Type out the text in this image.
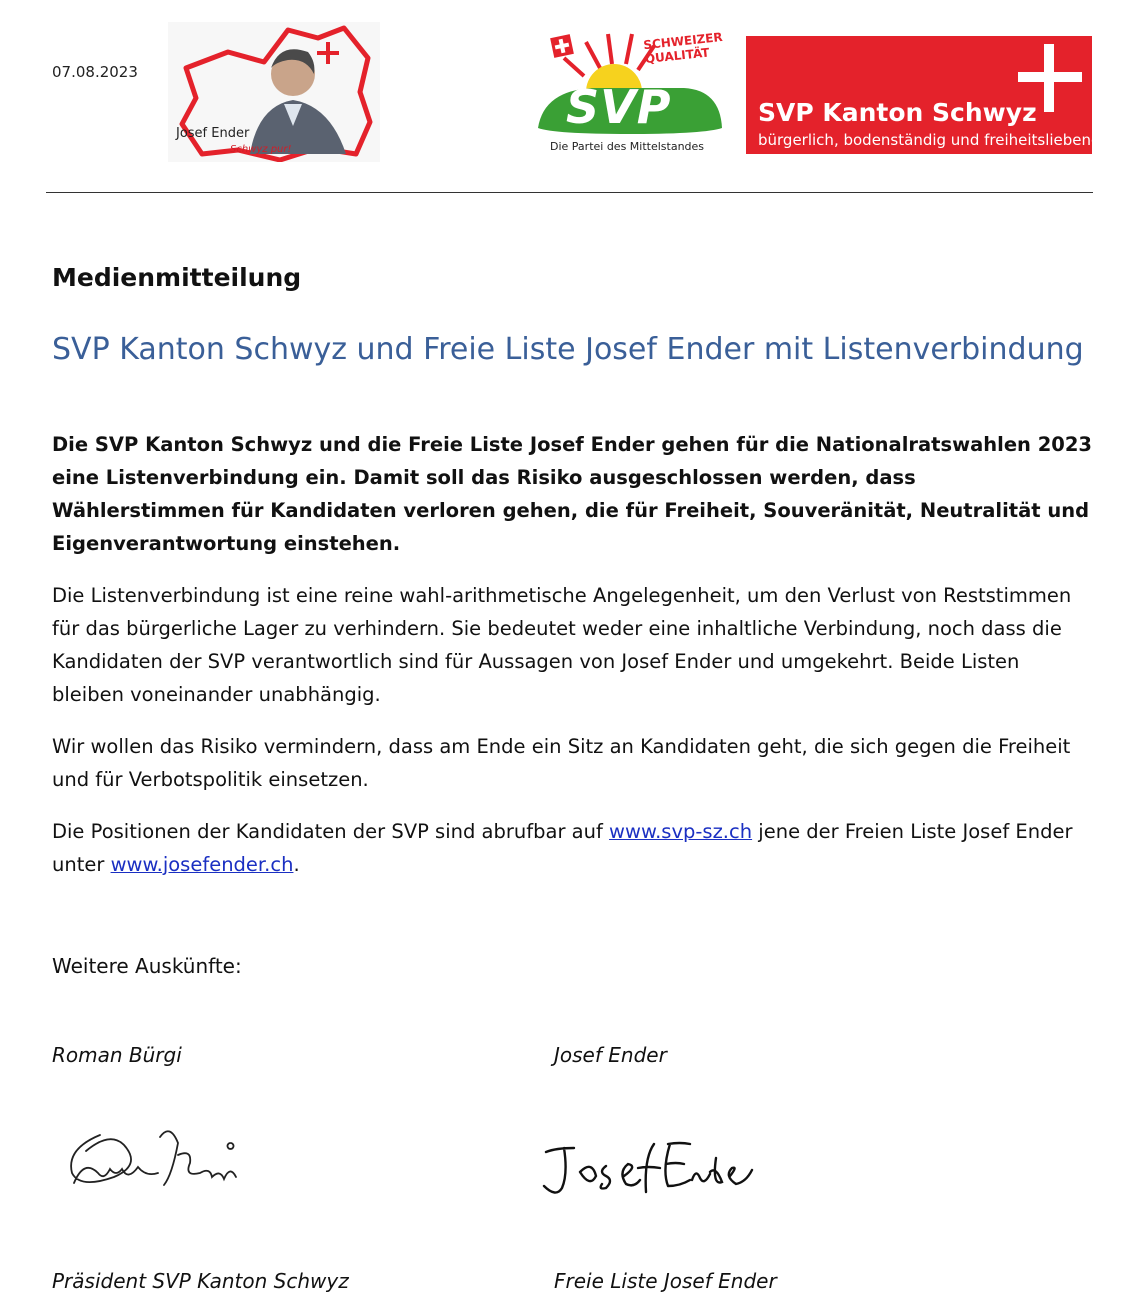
07.08.2023
Josef Ender
Schwyz pur!
SCHWEIZER QUALITÄT
SVP
Die Partei des Mittelstandes
SVP Kanton Schwyz
bürgerlich, bodenständig und freiheitsliebend
Medienmitteilung
SVP Kanton Schwyz und Freie Liste Josef Ender mit Listenverbindung

Die SVP Kanton Schwyz und die Freie Liste Josef Ender gehen für die Nationalratswahlen 2023 eine Listenverbindung ein. Damit soll das Risiko ausgeschlossen werden, dass Wählerstimmen für Kandidaten verloren gehen, die für Freiheit, Souveränität, Neutralität und Eigenverantwortung einstehen.

Die Listenverbindung ist eine reine wahl-arithmetische Angelegenheit, um den Verlust von Reststimmen für das bürgerliche Lager zu verhindern. Sie bedeutet weder eine inhaltliche Verbindung, noch dass die Kandidaten der SVP verantwortlich sind für Aussagen von Josef Ender und umgekehrt. Beide Listen bleiben voneinander unabhängig.

Wir wollen das Risiko vermindern, dass am Ende ein Sitz an Kandidaten geht, die sich gegen die Freiheit und für Verbotspolitik einsetzen.

Die Positionen der Kandidaten der SVP sind abrufbar auf www.svp-sz.ch jene der Freien Liste Josef Ender unter www.josefender.ch.

Weitere Auskünfte:
Roman Bürgi	Josef Ender
Präsident SVP Kanton Schwyz	Freie Liste Josef Ender
